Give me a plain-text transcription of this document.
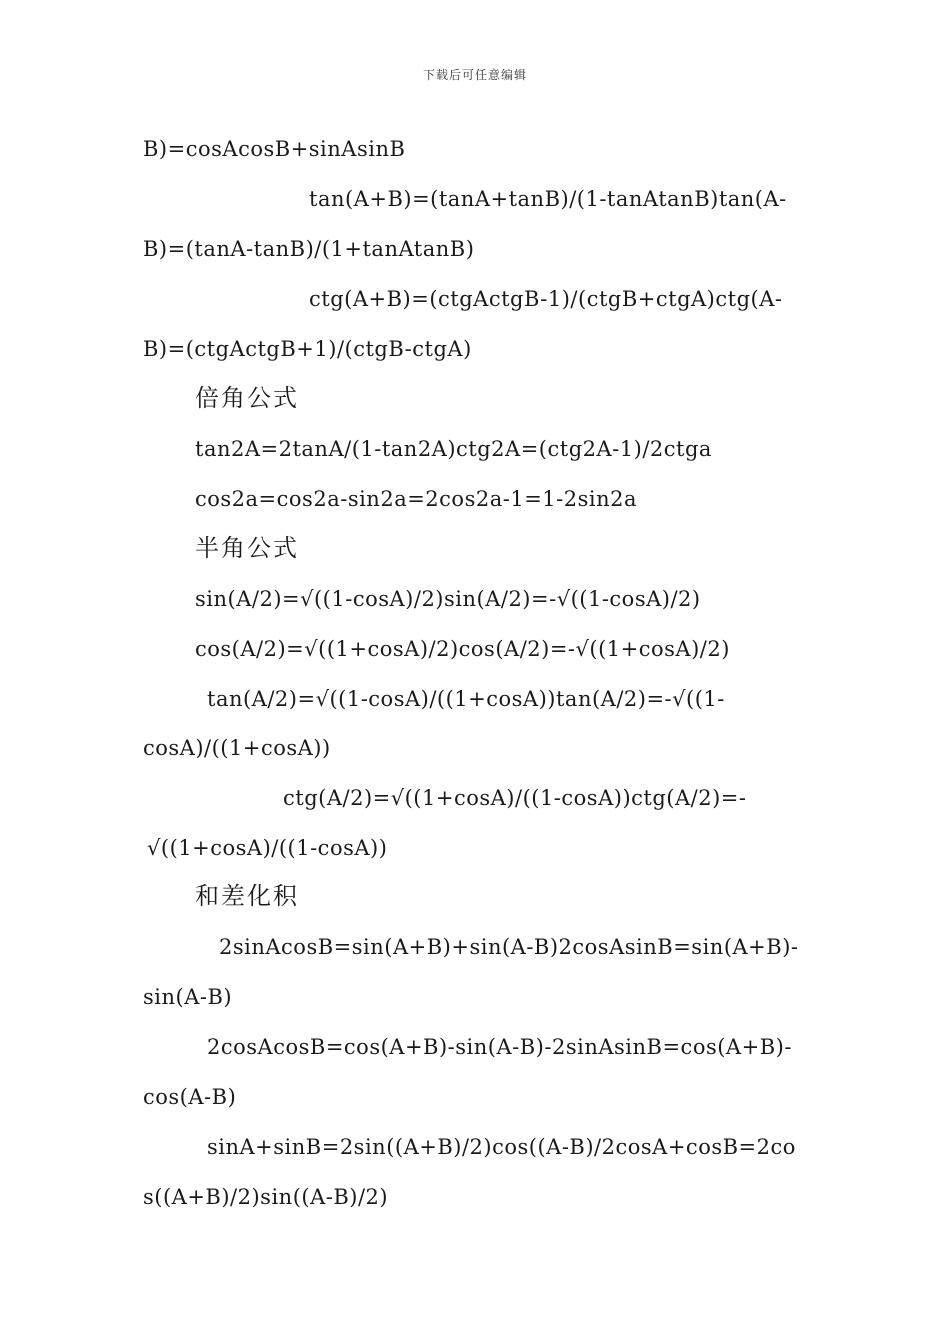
下载后可任意编辑
B)=cosAcosB+sinAsinB
tan(A+B)=(tanA+tanB)/(1-tanAtanB)tan(A-
B)=(tanA-tanB)/(1+tanAtanB)
ctg(A+B)=(ctgActgB-1)/(ctgB+ctgA)ctg(A-
B)=(ctgActgB+1)/(ctgB-ctgA)
倍角公式
tan2A=2tanA/(1-tan2A)ctg2A=(ctg2A-1)/2ctga
cos2a=cos2a-sin2a=2cos2a-1=1-2sin2a
半角公式
sin(A/2)=√((1-cosA)/2)sin(A/2)=-√((1-cosA)/2)
cos(A/2)=√((1+cosA)/2)cos(A/2)=-√((1+cosA)/2)
tan(A/2)=√((1-cosA)/((1+cosA))tan(A/2)=-√((1-
cosA)/((1+cosA))
ctg(A/2)=√((1+cosA)/((1-cosA))ctg(A/2)=-
√((1+cosA)/((1-cosA))
和差化积
2sinAcosB=sin(A+B)+sin(A-B)2cosAsinB=sin(A+B)-
sin(A-B)
2cosAcosB=cos(A+B)-sin(A-B)-2sinAsinB=cos(A+B)-
cos(A-B)
sinA+sinB=2sin((A+B)/2)cos((A-B)/2cosA+cosB=2co
s((A+B)/2)sin((A-B)/2)
